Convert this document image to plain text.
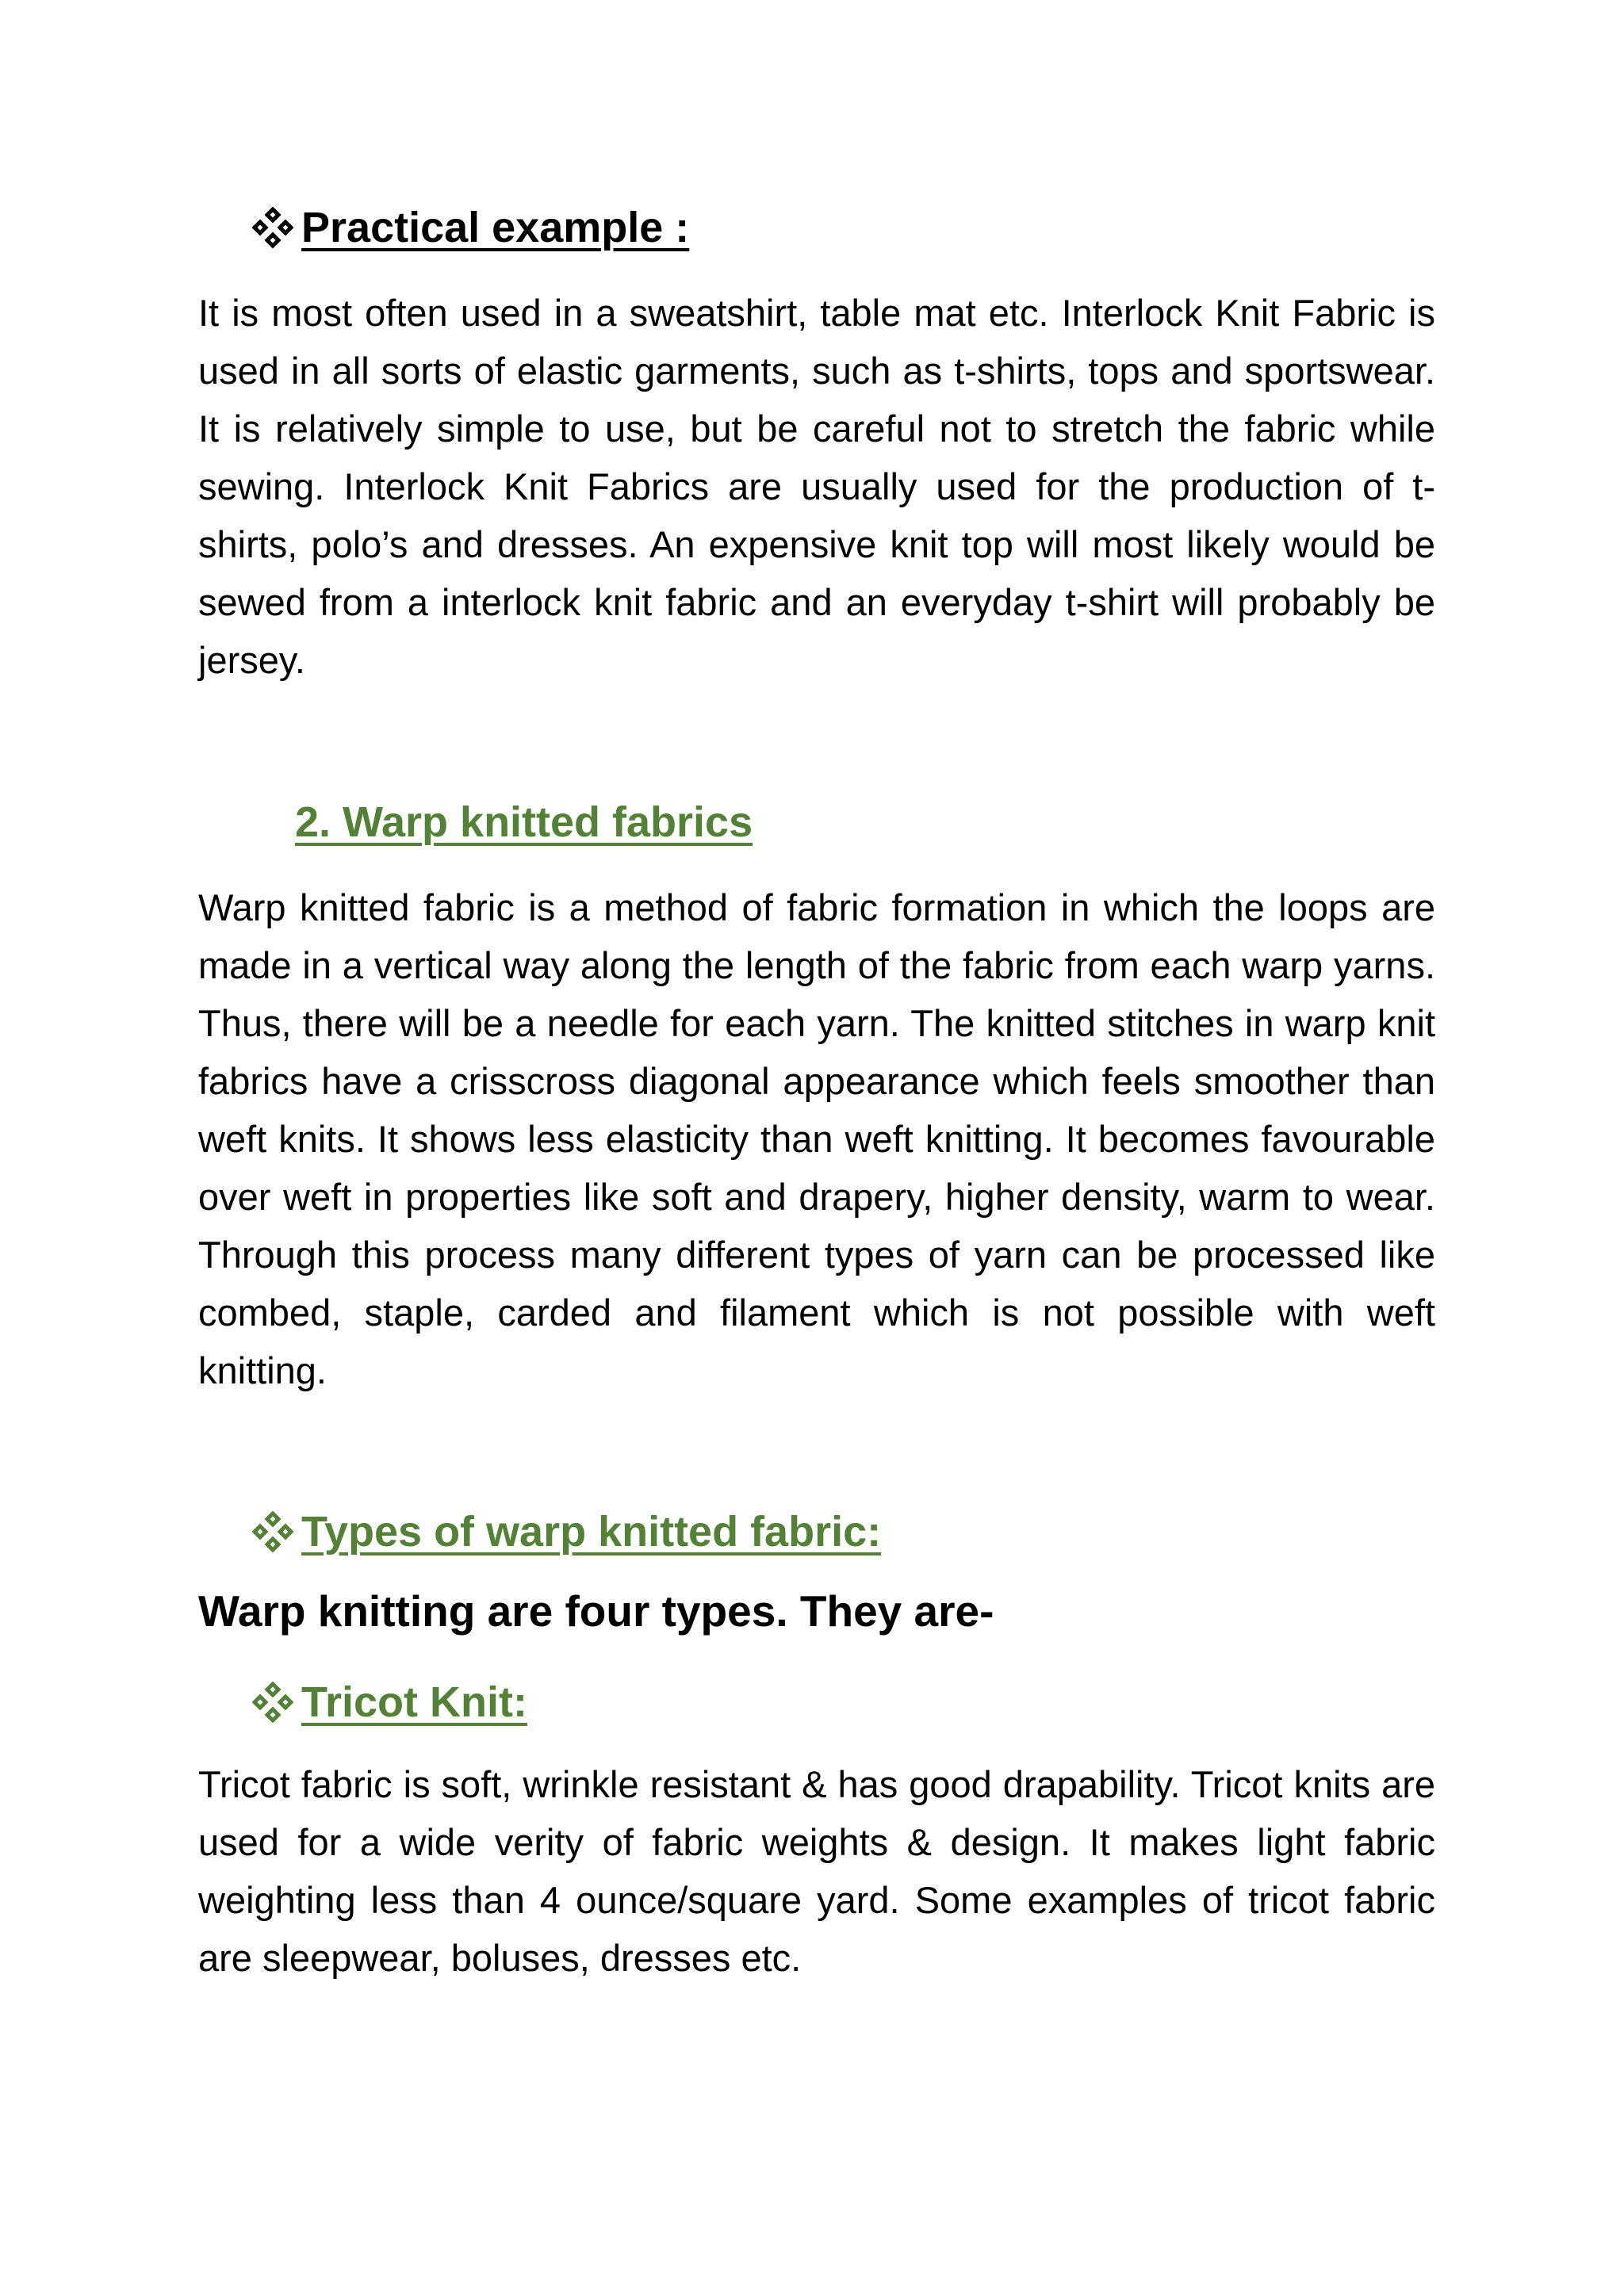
Practical example :
It is most often used in a sweatshirt, table mat etc. Interlock Knit Fabric is used in all sorts of elastic garments, such as t-shirts, tops and sportswear. It is relatively simple to use, but be careful not to stretch the fabric while sewing. Interlock Knit Fabrics are usually used for the production of t-shirts, polo’s and dresses. An expensive knit top will most likely would be sewed from a interlock knit fabric and an everyday t-shirt will probably be jersey.
2. Warp knitted fabrics
Warp knitted fabric is a method of fabric formation in which the loops are made in a vertical way along the length of the fabric from each warp yarns. Thus, there will be a needle for each yarn. The knitted stitches in warp knit fabrics have a crisscross diagonal appearance which feels smoother than weft knits. It shows less elasticity than weft knitting. It becomes favourable over weft in properties like soft and drapery, higher density, warm to wear. Through this process many different types of yarn can be processed like combed, staple, carded and filament which is not possible with weft knitting.
Types of warp knitted fabric:
Warp knitting are four types. They are-
Tricot Knit:
Tricot fabric is soft, wrinkle resistant & has good drapability. Tricot knits are used for a wide verity of fabric weights & design. It makes light fabric weighting less than 4 ounce/square yard. Some examples of tricot fabric are sleepwear, boluses, dresses etc.
